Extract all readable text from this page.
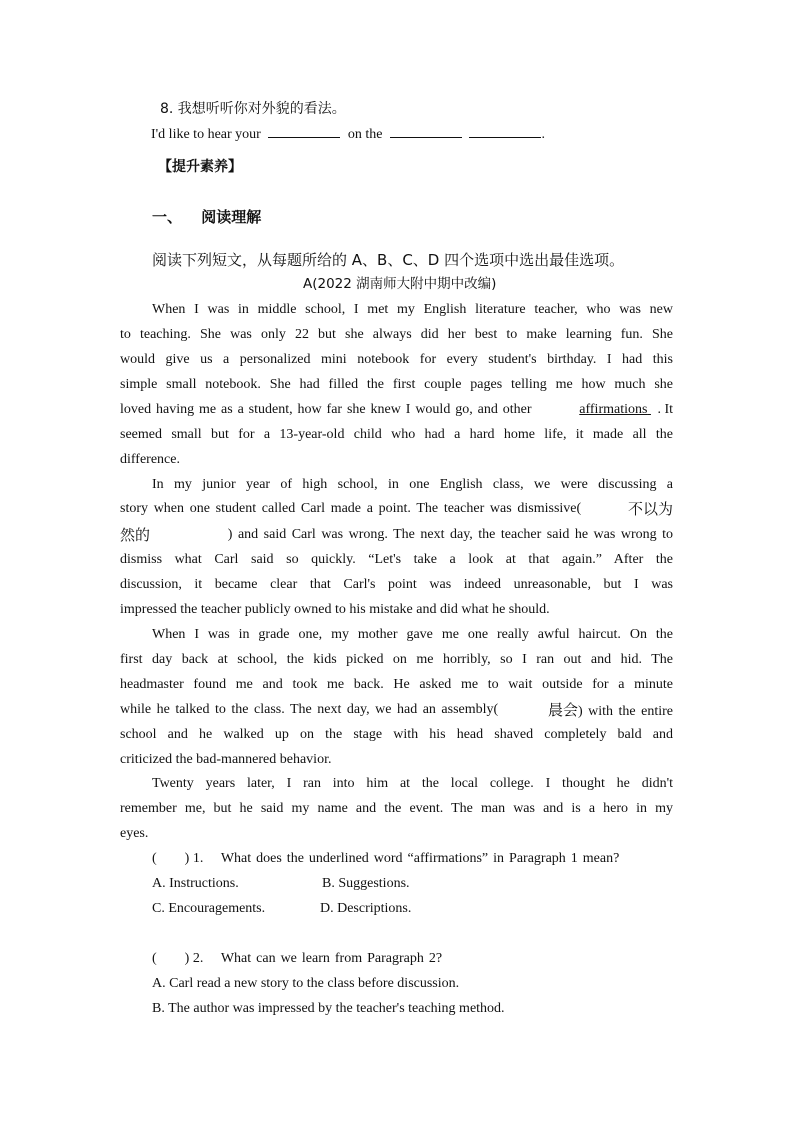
8. 我想听听你对外貌的看法。
I'd like to hear your	on the	.
【提升素养】
一、 阅读理解
阅读下列短文，从每题所给的 A、B、C、D 四个选项中选出最佳选项。
A(2022 湖南师大附中期中改编)
When I was in middle school, I met my English literature teacher, who was new
to teaching. She was only 22 but she always did her best to make learning fun. She
would give us a personalized mini notebook for every student's birthday. I had this
simple small notebook. She had filled the first couple pages telling me how much she
loved having me as a student, how far she knew I would go, and other	affirmations . It
seemed small but for a 13-year-old child who had a hard home life, it made all the
difference.
In my junior year of high school, in one English class, we were discussing a
story when one student called Carl made a point. The teacher was dismissive(	不以为
然的	) and said Carl was wrong. The next day, the teacher said he was wrong to
dismiss what Carl said so quickly. “Let's take a look at that again.” After the
discussion, it became clear that Carl's point was indeed unreasonable, but I was
impressed the teacher publicly owned to his mistake and did what he should.
When I was in grade one, my mother gave me one really awful haircut. On the
first day back at school, the kids picked on me horribly, so I ran out and hid. The
headmaster found me and took me back. He asked me to wait outside for a minute
while he talked to the class. The next day, we had an assembly(	晨会) with the entire
school and he walked up on the stage with his head shaved completely bald and
criticized the bad-mannered behavior.
Twenty years later, I ran into him at the local college. I thought he didn't
remember me, but he said my name and the event. The man was and is a hero in my
eyes.
(        ) 1. What does the underlined word “affirmations” in Paragraph 1 mean?
A. Instructions.	B. Suggestions.
C. Encouragements.	D. Descriptions.
(        ) 2. What can we learn from Paragraph 2?
A. Carl read a new story to the class before discussion.
B. The author was impressed by the teacher's teaching method.
